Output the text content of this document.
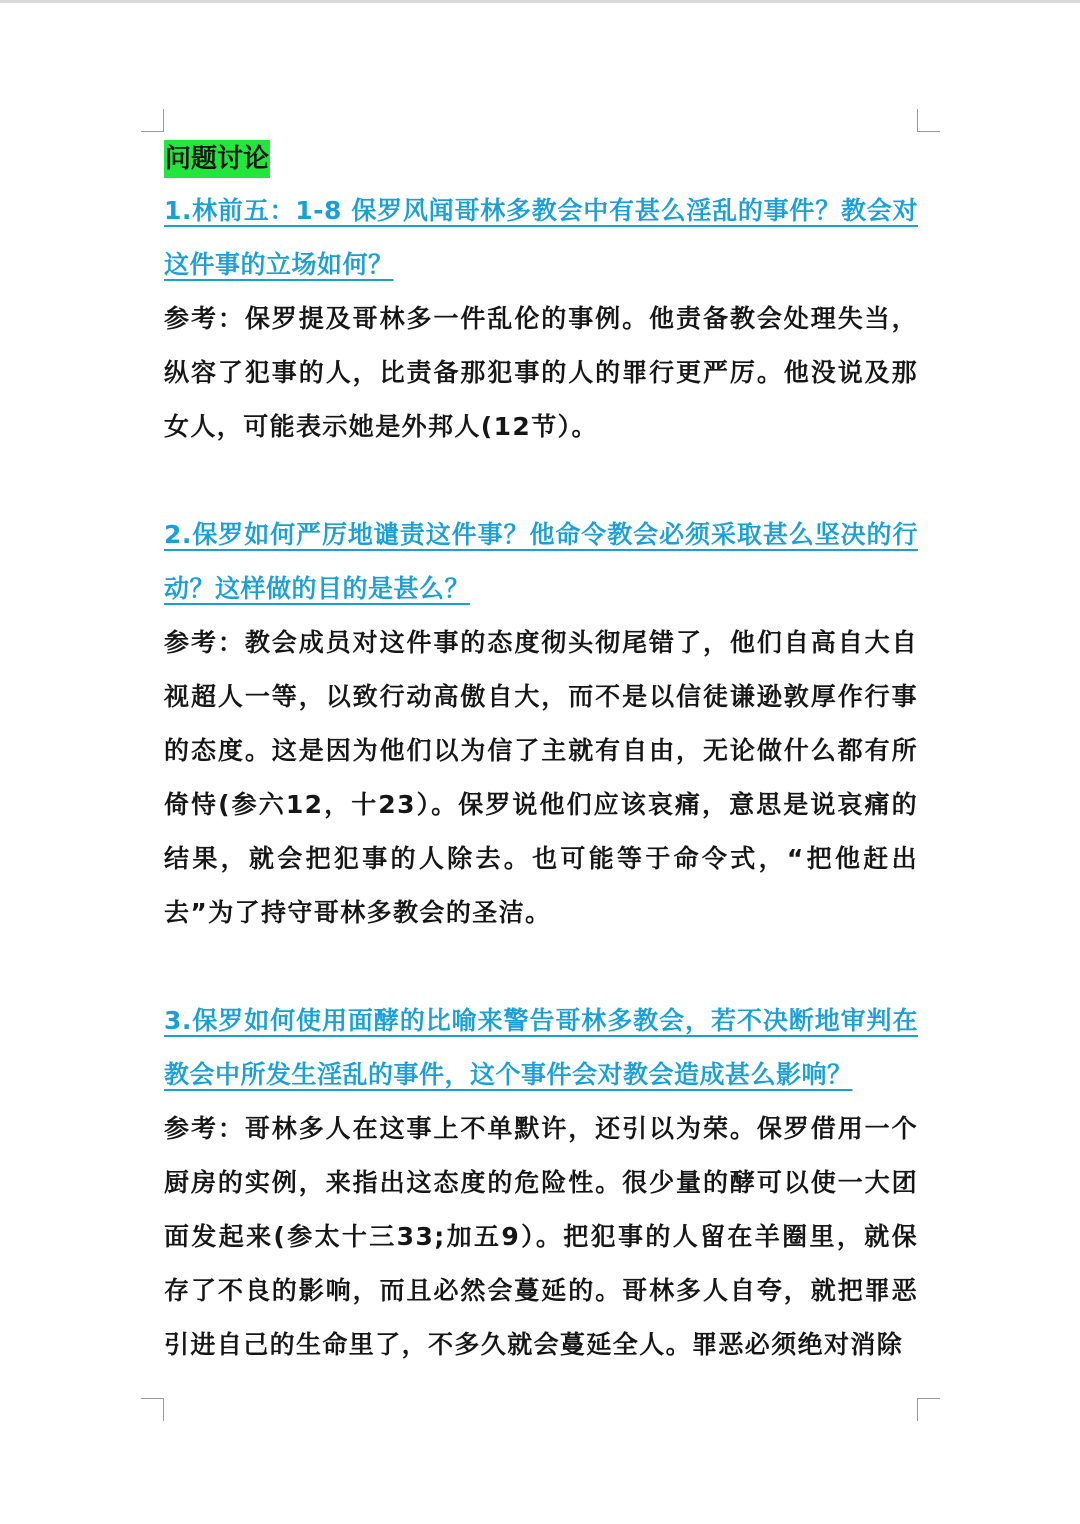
问题讨论

1.林前五：1-8 保罗风闻哥林多教会中有甚么淫乱的事件？教会对这件事的立场如何？

参考：保罗提及哥林多一件乱伦的事例。他责备教会处理失当，纵容了犯事的人，比责备那犯事的人的罪行更严厉。他没说及那女人，可能表示她是外邦人(12节）。

2.保罗如何严厉地谴责这件事？他命令教会必须采取甚么坚决的行动？这样做的目的是甚么？

参考：教会成员对这件事的态度彻头彻尾错了，他们自高自大自视超人一等，以致行动高傲自大，而不是以信徒谦逊敦厚作行事的态度。这是因为他们以为信了主就有自由，无论做什么都有所倚恃(参六12，十23）。保罗说他们应该哀痛，意思是说哀痛的结果，就会把犯事的人除去。也可能等于命令式，“把他赶出去”为了持守哥林多教会的圣洁。

3.保罗如何使用面酵的比喻来警告哥林多教会，若不决断地审判在教会中所发生淫乱的事件，这个事件会对教会造成甚么影响？

参考：哥林多人在这事上不单默许，还引以为荣。保罗借用一个厨房的实例，来指出这态度的危险性。很少量的酵可以使一大团面发起来(参太十三33;加五9）。把犯事的人留在羊圈里，就保存了不良的影响，而且必然会蔓延的。哥林多人自夸，就把罪恶引进自己的生命里了，不多久就会蔓延全人。罪恶必须绝对消除
